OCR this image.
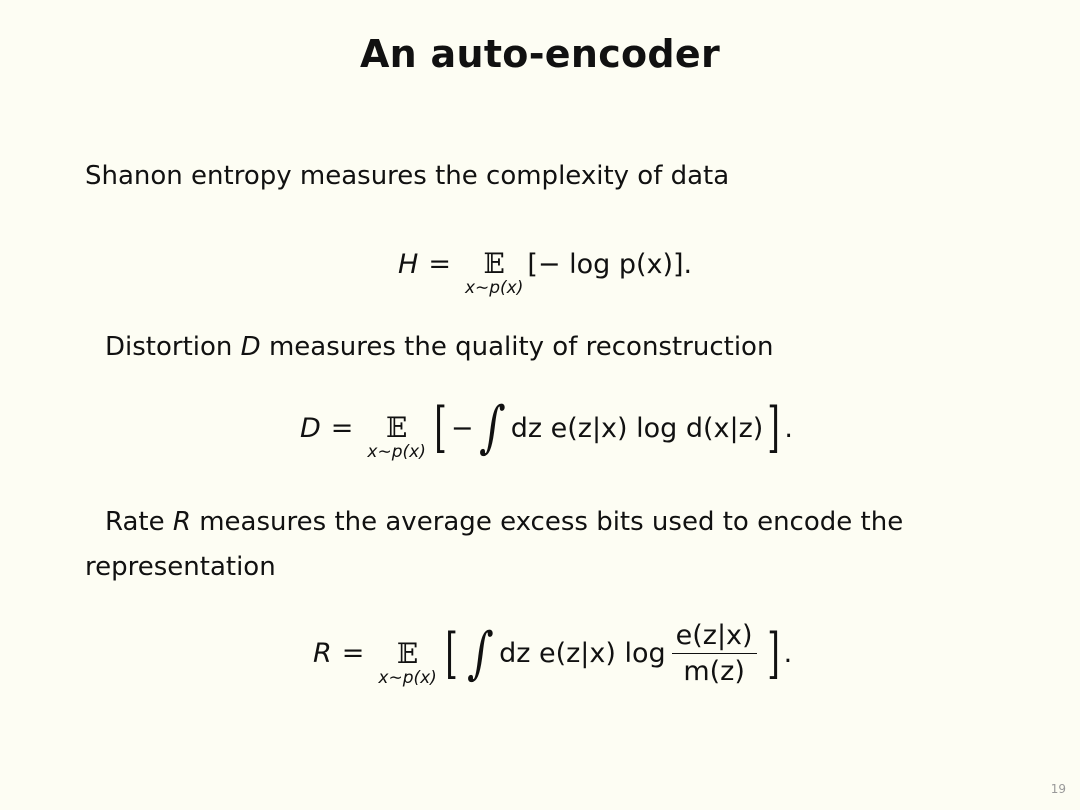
An auto-encoder
Shanon entropy measures the complexity of data
H = 𝔼
x∼p(x)
[− log p(x)].
Distortion D measures the quality of reconstruction
D = 𝔼
x∼p(x) [ − ∫ dz e(z|x) log d(x|z) ] .
Rate R measures the average excess bits used to encode the
representation
R = 𝔼
x∼p(x) [ ∫ dz e(z|x) $\log \frac{e(z|x)}{m(z)}$ ] .
19
